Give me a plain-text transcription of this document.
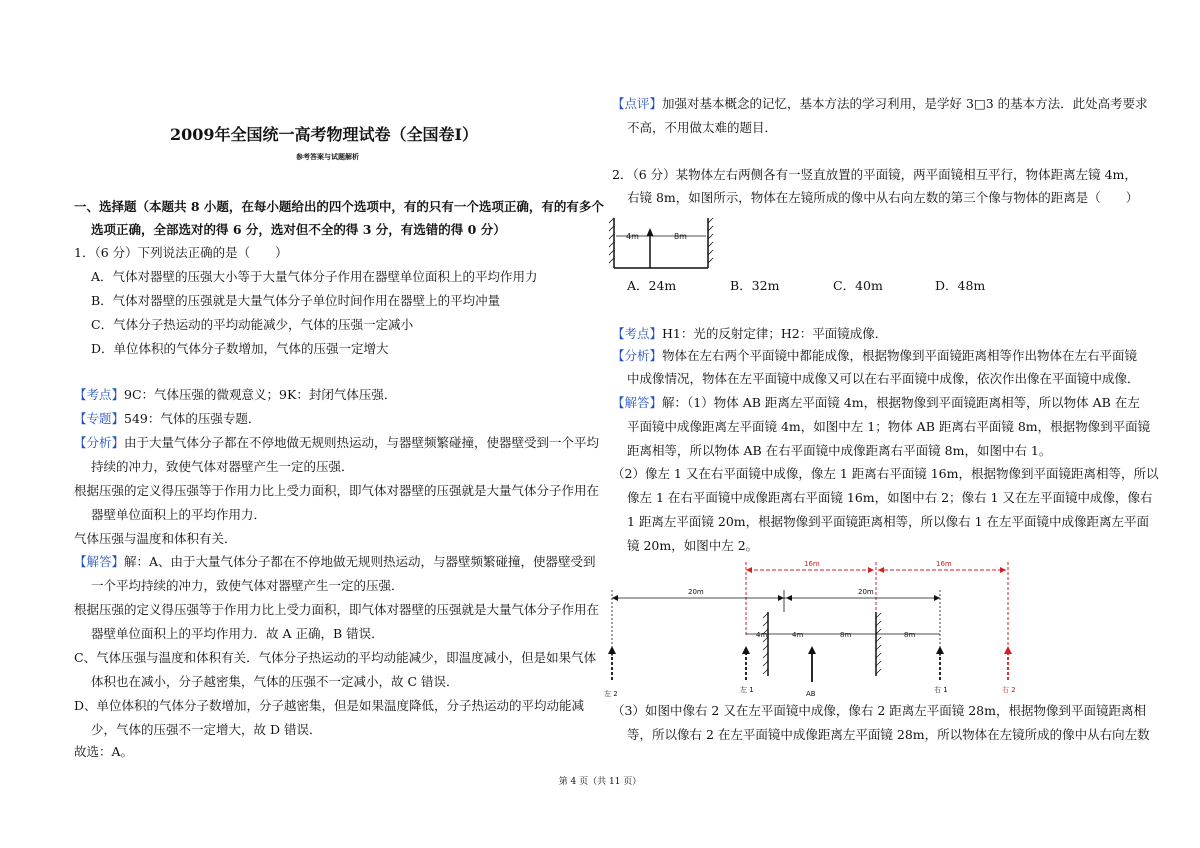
2009年全国统一高考物理试卷（全国卷I）
参考答案与试题解析
一、选择题（本题共 8 小题，在每小题给出的四个选项中，有的只有一个选项正确，有的有多个
选项正确，全部选对的得 6 分，选对但不全的得 3 分，有选错的得 0 分）
1．（6 分）下列说法正确的是（　　）
A．气体对器壁的压强大小等于大量气体分子作用在器壁单位面积上的平均作用力
B．气体对器壁的压强就是大量气体分子单位时间作用在器壁上的平均冲量
C．气体分子热运动的平均动能减少，气体的压强一定减小
D．单位体积的气体分子数增加，气体的压强一定增大
【考点】9C：气体压强的微观意义；9K：封闭气体压强．
【专题】549：气体的压强专题．
【分析】由于大量气体分子都在不停地做无规则热运动，与器壁频繁碰撞，使器壁受到一个平均
持续的冲力，致使气体对器壁产生一定的压强．
根据压强的定义得压强等于作用力比上受力面积，即气体对器壁的压强就是大量气体分子作用在
器壁单位面积上的平均作用力．
气体压强与温度和体积有关．
【解答】解：A、由于大量气体分子都在不停地做无规则热运动，与器壁频繁碰撞，使器壁受到
一个平均持续的冲力，致使气体对器壁产生一定的压强．
根据压强的定义得压强等于作用力比上受力面积，即气体对器壁的压强就是大量气体分子作用在
器壁单位面积上的平均作用力．故 A 正确，B 错误．
C、气体压强与温度和体积有关．气体分子热运动的平均动能减少，即温度减小，但是如果气体
体积也在减小，分子越密集，气体的压强不一定减小，故 C 错误．
D、单位体积的气体分子数增加，分子越密集，但是如果温度降低，分子热运动的平均动能减
少，气体的压强不一定增大，故 D 错误．
故选：A。
【点评】加强对基本概念的记忆，基本方法的学习利用，是学好 3□3 的基本方法．此处高考要求
不高，不用做太难的题目．
2．（6 分）某物体左右两侧各有一竖直放置的平面镜，两平面镜相互平行，物体距离左镜 4m，
右镜 8m，如图所示，物体在左镜所成的像中从右向左数的第三个像与物体的距离是（　　）
4m	8m
A．24m	B．32m	C．40m	D．48m
【考点】H1：光的反射定律；H2：平面镜成像．
【分析】物体在左右两个平面镜中都能成像，根据物像到平面镜距离相等作出物体在左右平面镜
中成像情况，物体在左平面镜中成像又可以在右平面镜中成像，依次作出像在平面镜中成像．
【解答】解：（1）物体 AB 距离左平面镜 4m，根据物像到平面镜距离相等，所以物体 AB 在左
平面镜中成像距离左平面镜 4m，如图中左 1；物体 AB 距离右平面镜 8m，根据物像到平面镜
距离相等，所以物体 AB 在右平面镜中成像距离右平面镜 8m，如图中右 1。
（2）像左 1 又在右平面镜中成像，像左 1 距离右平面镜 16m，根据物像到平面镜距离相等，所以
像左 1 在右平面镜中成像距离右平面镜 16m，如图中右 2；像右 1 又在左平面镜中成像，像右
1 距离左平面镜 20m，根据物像到平面镜距离相等，所以像右 1 在左平面镜中成像距离左平面
镜 20m，如图中左 2。
16m	16m
20m	20m
4m	4m	8m	8m
左 2	左 1	AB	右 1	右 2
（3）如图中像右 2 又在左平面镜中成像，像右 2 距离左平面镜 28m，根据物像到平面镜距离相
等，所以像右 2 在左平面镜中成像距离左平面镜 28m，所以物体在左镜所成的像中从右向左数
第 4 页（共 11 页）
